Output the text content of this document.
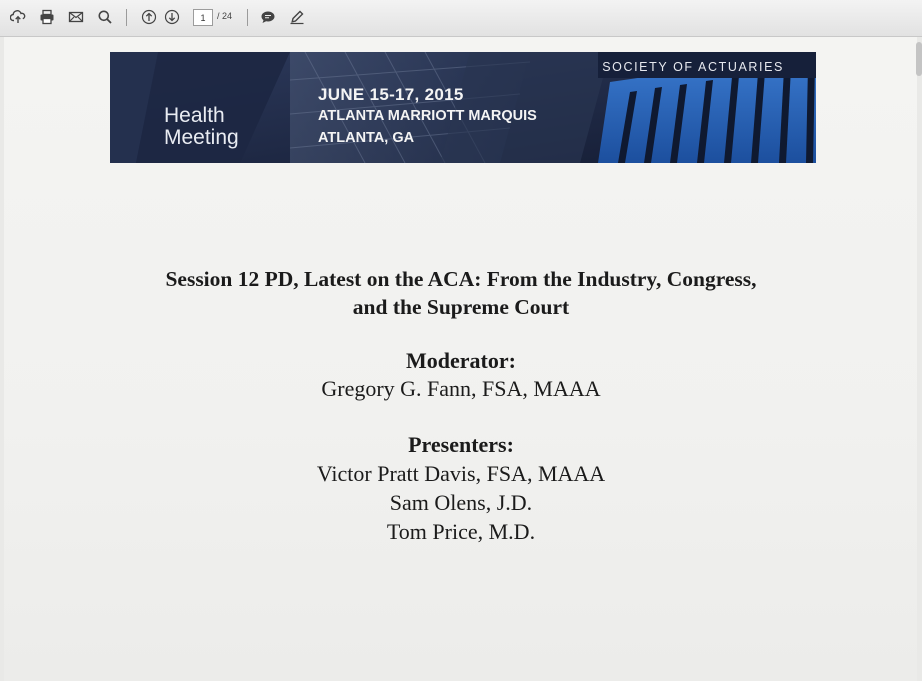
1
/ 24
Health
Meeting
JUNE 15-17, 2015
ATLANTA MARRIOTT MARQUIS
ATLANTA, GA
SOCIETY OF ACTUARIES
Session 12 PD, Latest on the ACA: From the Industry, Congress,
and the Supreme Court
Moderator:
Gregory G. Fann, FSA, MAAA
Presenters:
Victor Pratt Davis, FSA, MAAA
Sam Olens, J.D.
Tom Price, M.D.
